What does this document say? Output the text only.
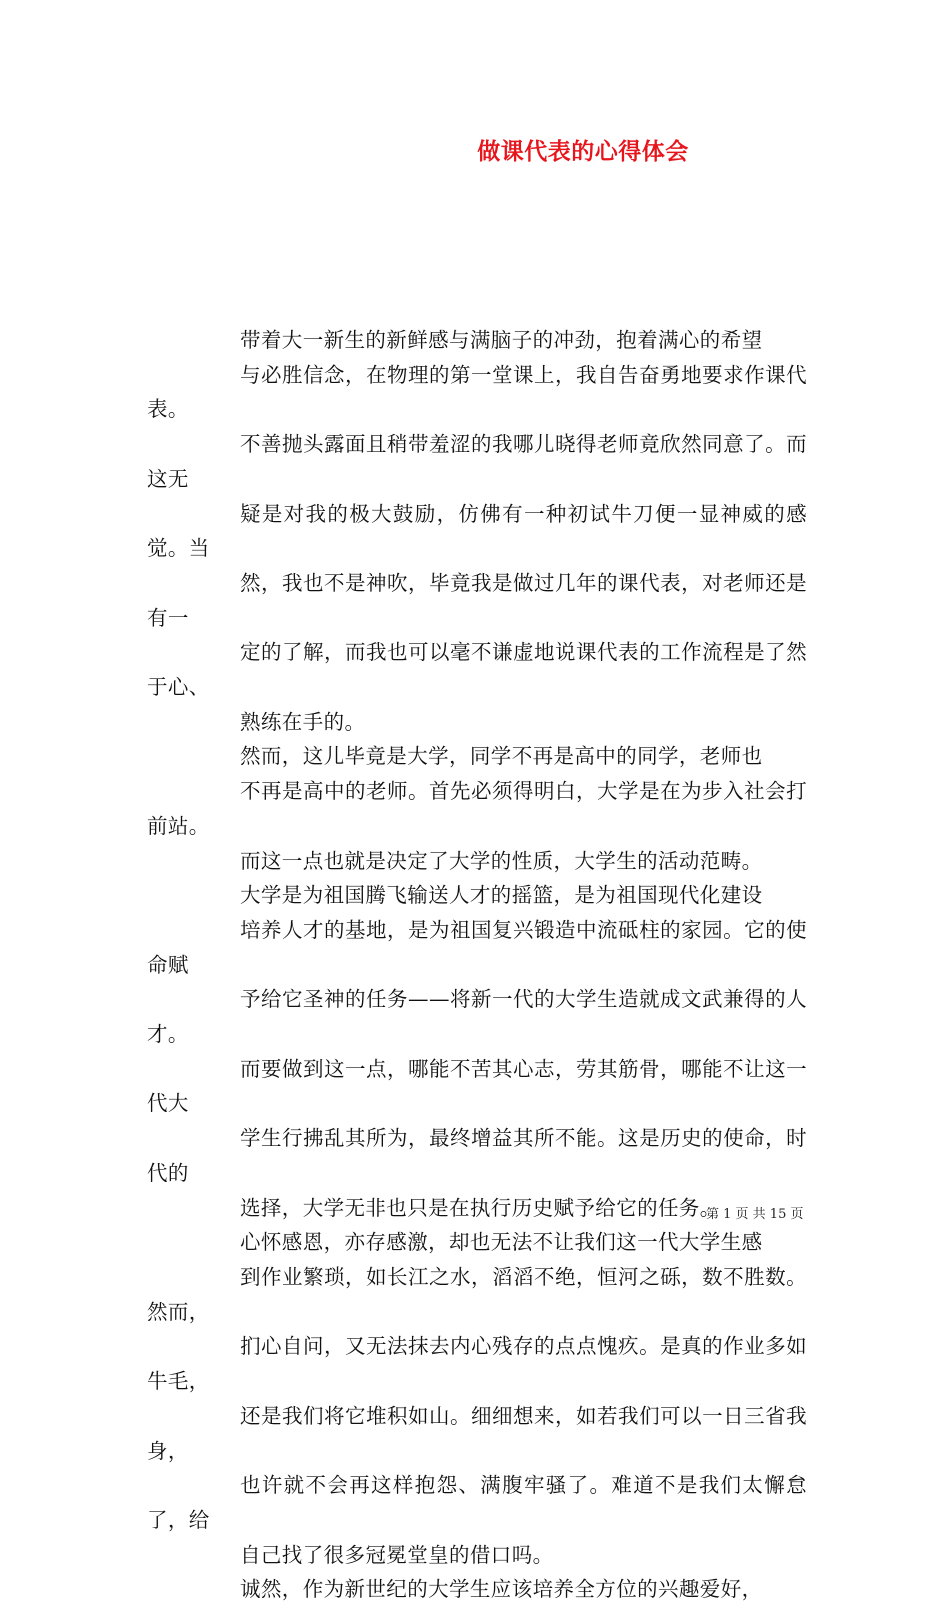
做课代表的心得体会

带着大一新生的新鲜感与满脑子的冲劲，抱着满心的希望
与必胜信念，在物理的第一堂课上，我自告奋勇地要求作课代表。
不善抛头露面且稍带羞涩的我哪儿晓得老师竟欣然同意了。而这无
疑是对我的极大鼓励，仿佛有一种初试牛刀便一显神威的感觉。当
然，我也不是神吹，毕竟我是做过几年的课代表，对老师还是有一
定的了解，而我也可以毫不谦虚地说课代表的工作流程是了然于心、
熟练在手的。

然而，这儿毕竟是大学，同学不再是高中的同学，老师也
不再是高中的老师。首先必须得明白，大学是在为步入社会打前站。
而这一点也就是决定了大学的性质，大学生的活动范畴。

大学是为祖国腾飞输送人才的摇篮，是为祖国现代化建设
培养人才的基地，是为祖国复兴锻造中流砥柱的家园。它的使命赋
予给它圣神的任务——将新一代的大学生造就成文武兼得的人才。
而要做到这一点，哪能不苦其心志，劳其筋骨，哪能不让这一代大
学生行拂乱其所为，最终增益其所不能。这是历史的使命，时代的
选择，大学无非也只是在执行历史赋予给它的任务。

心怀感恩，亦存感激，却也无法不让我们这一代大学生感
到作业繁琐，如长江之水，滔滔不绝，恒河之砾，数不胜数。然而，
扪心自问，又无法抹去内心残存的点点愧疚。是真的作业多如牛毛，
还是我们将它堆积如山。细细想来，如若我们可以一日三省我身，
也许就不会再这样抱怨、满腹牢骚了。难道不是我们太懈怠了，给
自己找了很多冠冕堂皇的借口吗。

诚然，作为新世纪的大学生应该培养全方位的兴趣爱好，

第 1 页 共 15 页
